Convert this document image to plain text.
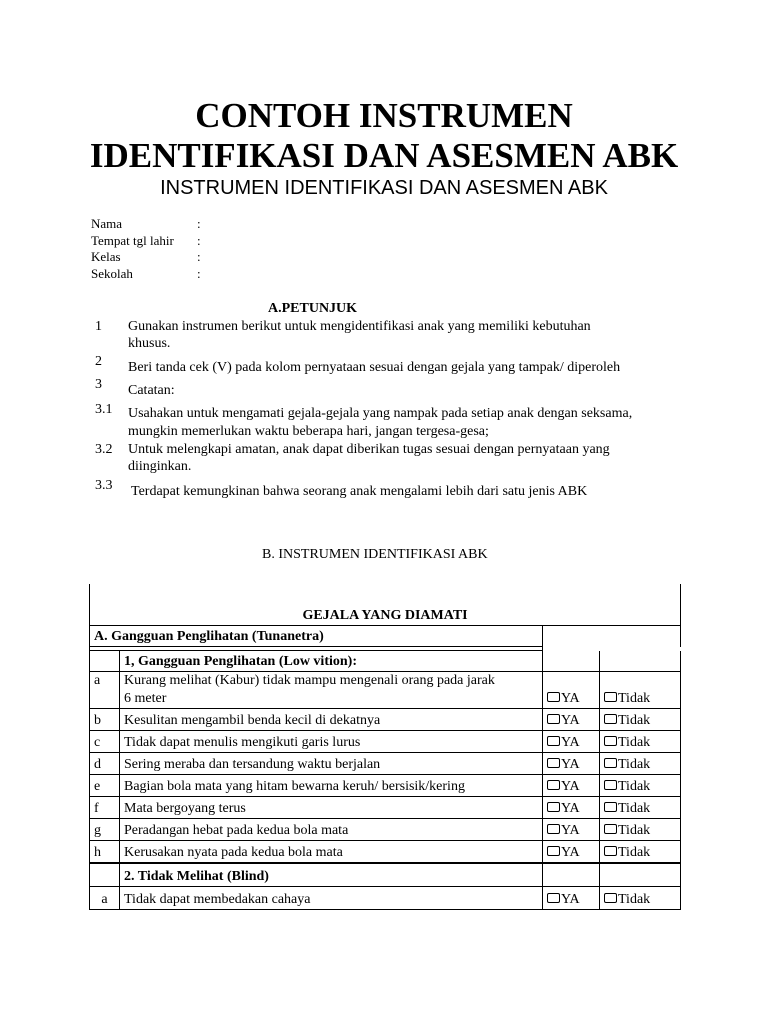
CONTOH INSTRUMEN
IDENTIFIKASI DAN ASESMEN ABK
INSTRUMEN IDENTIFIKASI DAN ASESMEN ABK
Nama	:
Tempat tgl lahir :
Kelas	:
Sekolah	:
A.PETUNJUK
1 Gunakan instrumen berikut untuk mengidentifikasi anak yang memiliki kebutuhan
khusus.
2 Beri tanda cek (V) pada kolom pernyataan sesuai dengan gejala yang tampak/ diperoleh
3 Catatan:
3.1 Usahakan untuk mengamati gejala-gejala yang nampak pada setiap anak dengan seksama,
mungkin memerlukan waktu beberapa hari, jangan tergesa-gesa;
3.2 Untuk melengkapi amatan, anak dapat diberikan tugas sesuai dengan pernyataan yang
diinginkan.
3.3 Terdapat kemungkinan bahwa seorang anak mengalami lebih dari satu jenis ABK
B. INSTRUMEN IDENTIFIKASI ABK
GEJALA YANG DIAMATI			
A. Gangguan Penglihatan (Tunanetra)			

	1, Gangguan Penglihatan (Low vition):		
a	Kurang melihat (Kabur) tidak mampu mengenali orang pada jarak
6 meter	YA	Tidak
b	Kesulitan mengambil benda kecil di dekatnya	YA	Tidak
c	Tidak dapat menulis mengikuti garis lurus	YA	Tidak
d	Sering meraba dan tersandung waktu berjalan	YA	Tidak
e	Bagian bola mata yang hitam bewarna keruh/ bersisik/kering	YA	Tidak
f	Mata bergoyang terus	YA	Tidak
g	Peradangan hebat pada kedua bola mata	YA	Tidak
h	Kerusakan nyata pada kedua bola mata	YA	Tidak
	2. Tidak Melihat (Blind)		
a	Tidak dapat membedakan cahaya	YA	Tidak
